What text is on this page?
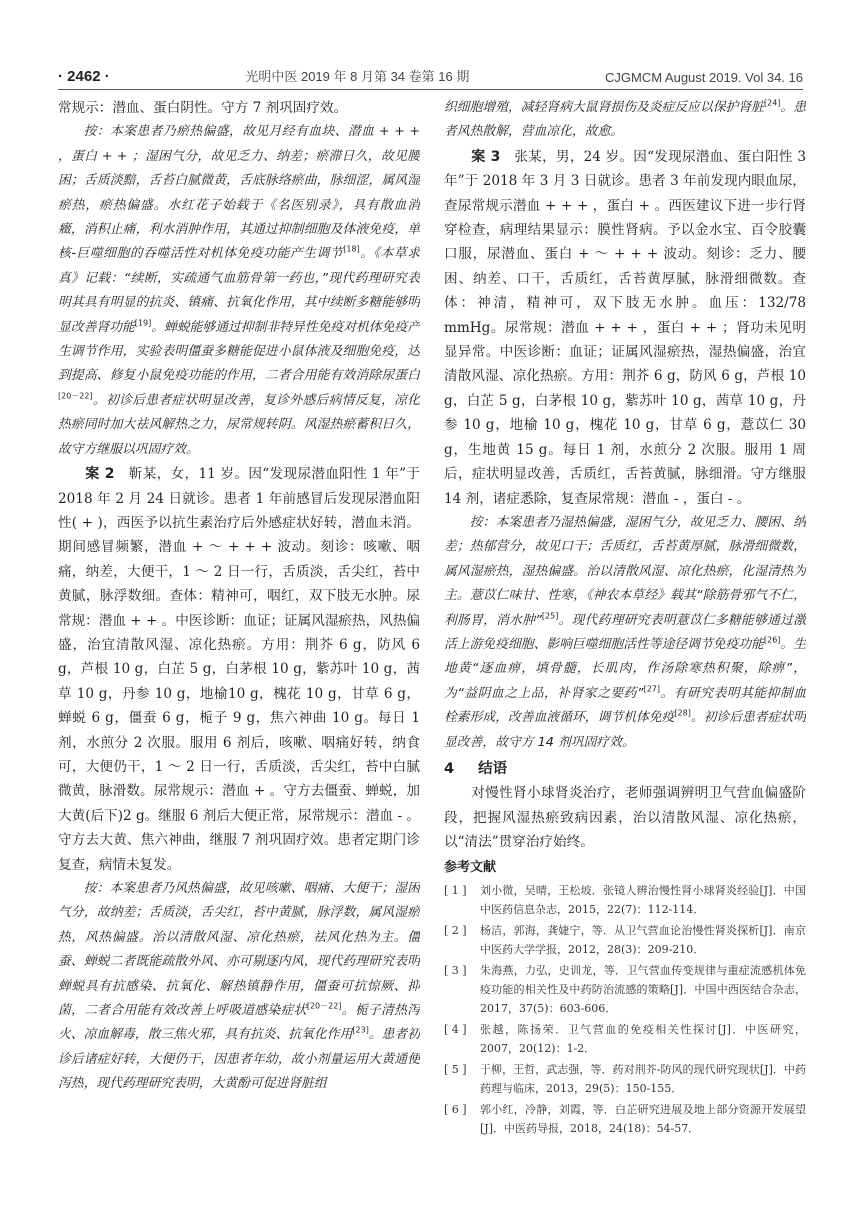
· 2462 ·	光明中医 2019 年 8 月第 34 卷第 16 期	CJGMCM August 2019. Vol 34. 16

常规示：潜血、蛋白阴性。守方 7 剂巩固疗效。

按：本案患者乃瘀热偏盛，故见月经有血块、潜血 + + + ，蛋白 + + ；湿困气分，故见乏力、纳差；瘀滞日久，故见腰困；舌质淡黯，舌苔白腻微黄，舌底脉络瘀曲，脉细涩，属风湿瘀热，瘀热偏盛。水红花子始载于《名医别录》，具有散血消癥，消积止痛，利水消肿作用，其通过抑制细胞及体液免疫，单核-巨噬细胞的吞噬活性对机体免疫功能产生调节[18]。《本草求真》记载：“续断，实疏通气血筋骨第一药也，”现代药理研究表明其具有明显的抗炎、镇痛、抗氧化作用，其中续断多糖能够明显改善肾功能[19]。蝉蜕能够通过抑制非特异性免疫对机体免疫产生调节作用，实验表明僵蚕多糖能促进小鼠体液及细胞免疫，达到提高、修复小鼠免疫功能的作用，二者合用能有效消除尿蛋白[20－22]。初诊后患者症状明显改善，复诊外感后病情反复，凉化热瘀同时加大祛风解热之力，尿常规转阴。风湿热瘀蓄积日久，故守方继服以巩固疗效。

案 2　 靳某，女，11 岁。因“发现尿潜血阳性 1 年”于 2018 年 2 月 24 日就诊。患者 1 年前感冒后发现尿潜血阳性( + )，西医予以抗生素治疗后外感症状好转，潜血未消。期间感冒频繁，潜血 + ～ + + + 波动。刻诊：咳嗽、咽痛，纳差，大便干，1 ～ 2 日一行，舌质淡，舌尖红，苔中黄腻，脉浮数细。查体：精神可，咽红，双下肢无水肿。尿常规：潜血 + + 。中医诊断：血证；证属风湿瘀热，风热偏盛，治宜清散风湿、凉化热瘀。方用：荆芥 6 g，防风 6 g，芦根 10 g，白芷 5 g，白茅根 10 g，紫苏叶 10 g，茜草 10 g，丹参 10 g，地榆10 g，槐花 10 g，甘草 6 g，蝉蜕 6 g，僵蚕 6 g，栀子 9 g，焦六神曲 10 g。每日 1 剂，水煎分 2 次服。服用 6 剂后，咳嗽、咽痛好转，纳食可，大便仍干，1 ～ 2 日一行，舌质淡，舌尖红，苔中白腻微黄，脉滑数。尿常规示：潜血 + 。守方去僵蚕、蝉蜕，加大黄(后下)2 g。继服 6 剂后大便正常，尿常规示：潜血 - 。守方去大黄、焦六神曲，继服 7 剂巩固疗效。患者定期门诊复查，病情未复发。

按：本案患者乃风热偏盛，故见咳嗽、咽痛、大便干；湿困气分，故纳差；舌质淡，舌尖红，苔中黄腻，脉浮数，属风湿瘀热，风热偏盛。治以清散风湿、凉化热瘀，祛风化热为主。僵蚕、蝉蜕二者既能疏散外风、亦可剔逐内风，现代药理研究表明蝉蜕具有抗感染、抗氧化、解热镇静作用，僵蚕可抗惊厥、抑菌，二者合用能有效改善上呼吸道感染症状[20－22]。栀子清热泻火、凉血解毒，散三焦火邪，具有抗炎、抗氧化作用[23]。患者初诊后诸症好转，大便仍干，因患者年幼，故小剂量运用大黄通便泻热，现代药理研究表明，大黄酚可促进肾脏组

织细胞增殖，减轻肾病大鼠肾损伤及炎症反应以保护肾脏[24]。患者风热散解，营血凉化，故愈。

案 3　 张某，男，24 岁。因“发现尿潜血、蛋白阳性 3 年”于 2018 年 3 月 3 日就诊。患者 3 年前发现内眼血尿，查尿常规示潜血 + + + ，蛋白 + 。西医建议下进一步行肾穿检查，病理结果显示：膜性肾病。予以金水宝、百令胶囊口服，尿潜血、蛋白 + ～ + + + 波动。刻诊：乏力、腰困、纳差、口干，舌质红，舌苔黄厚腻，脉滑细微数。查体：神清，精神可，双下肢无水肿。血压：132/78 mmHg。尿常规：潜血 + + + ，蛋白 + + ；肾功未见明显异常。中医诊断：血证；证属风湿瘀热，湿热偏盛，治宜清散风湿、凉化热瘀。方用：荆芥 6 g，防风 6 g，芦根 10 g，白芷 5 g，白茅根 10 g，紫苏叶 10 g，茜草 10 g，丹参 10 g，地榆 10 g，槐花 10 g，甘草 6 g，薏苡仁 30 g，生地黄 15 g。每日 1 剂，水煎分 2 次服。服用 1 周后，症状明显改善，舌质红，舌苔黄腻，脉细滑。守方继服 14 剂，诸症悉除，复查尿常规：潜血 - ，蛋白 - 。

按：本案患者乃湿热偏盛，湿困气分，故见乏力、腰困、纳差；热郁营分，故见口干；舌质红，舌苔黄厚腻，脉滑细微数，属风湿瘀热，湿热偏盛。治以清散风湿、凉化热瘀，化湿清热为主。薏苡仁味甘、性寒，《神农本草经》载其“除筋骨邪气不仁，利肠胃，消水肿”[25]。现代药理研究表明薏苡仁多糖能够通过激活上游免疫细胞、影响巨噬细胞活性等途径调节免疫功能[26]。生地黄“逐血痹，填骨髓，长肌肉，作汤除寒热积聚，除痹”，为“益阴血之上品，补肾家之要药”[27]。有研究表明其能抑制血栓素形成，改善血液循环，调节机体免疫[28]。初诊后患者症状明显改善，故守方 14 剂巩固疗效。

4 结语

对慢性肾小球肾炎治疗，老师强调辨明卫气营血偏盛阶段，把握风湿热瘀致病因素，治以清散风湿、凉化热瘀，以“清法”贯穿治疗始终。

参考文献
[ 1 ]	刘小微，吴晴，王松坡．张镜人辨治慢性肾小球肾炎经验[J]．中国中医药信息杂志，2015，22(7)：112-114．
[ 2 ]	杨洁，郭海，龚婕宁，等．从卫气营血论治慢性肾炎探析[J]．南京中医药大学学报，2012，28(3)：209-210．
[ 3 ]	朱海燕，力弘，史训龙，等．卫气营血传变规律与重症流感机体免疫功能的相关性及中药防治流感的策略[J]．中国中西医结合杂志，2017，37(5)：603-606．
[ 4 ]	张越，陈扬荣．卫气营血的免疫相关性探讨[J]．中医研究，2007，20(12)：1-2．
[ 5 ]	于柳，王哲，武志强，等．药对荆芥-防风的现代研究现状[J]．中药药理与临床，2013，29(5)：150-155．
[ 6 ]	郭小红，冷静，刘霞，等．白芷研究进展及地上部分资源开发展望[J]．中医药导报，2018，24(18)：54-57．
